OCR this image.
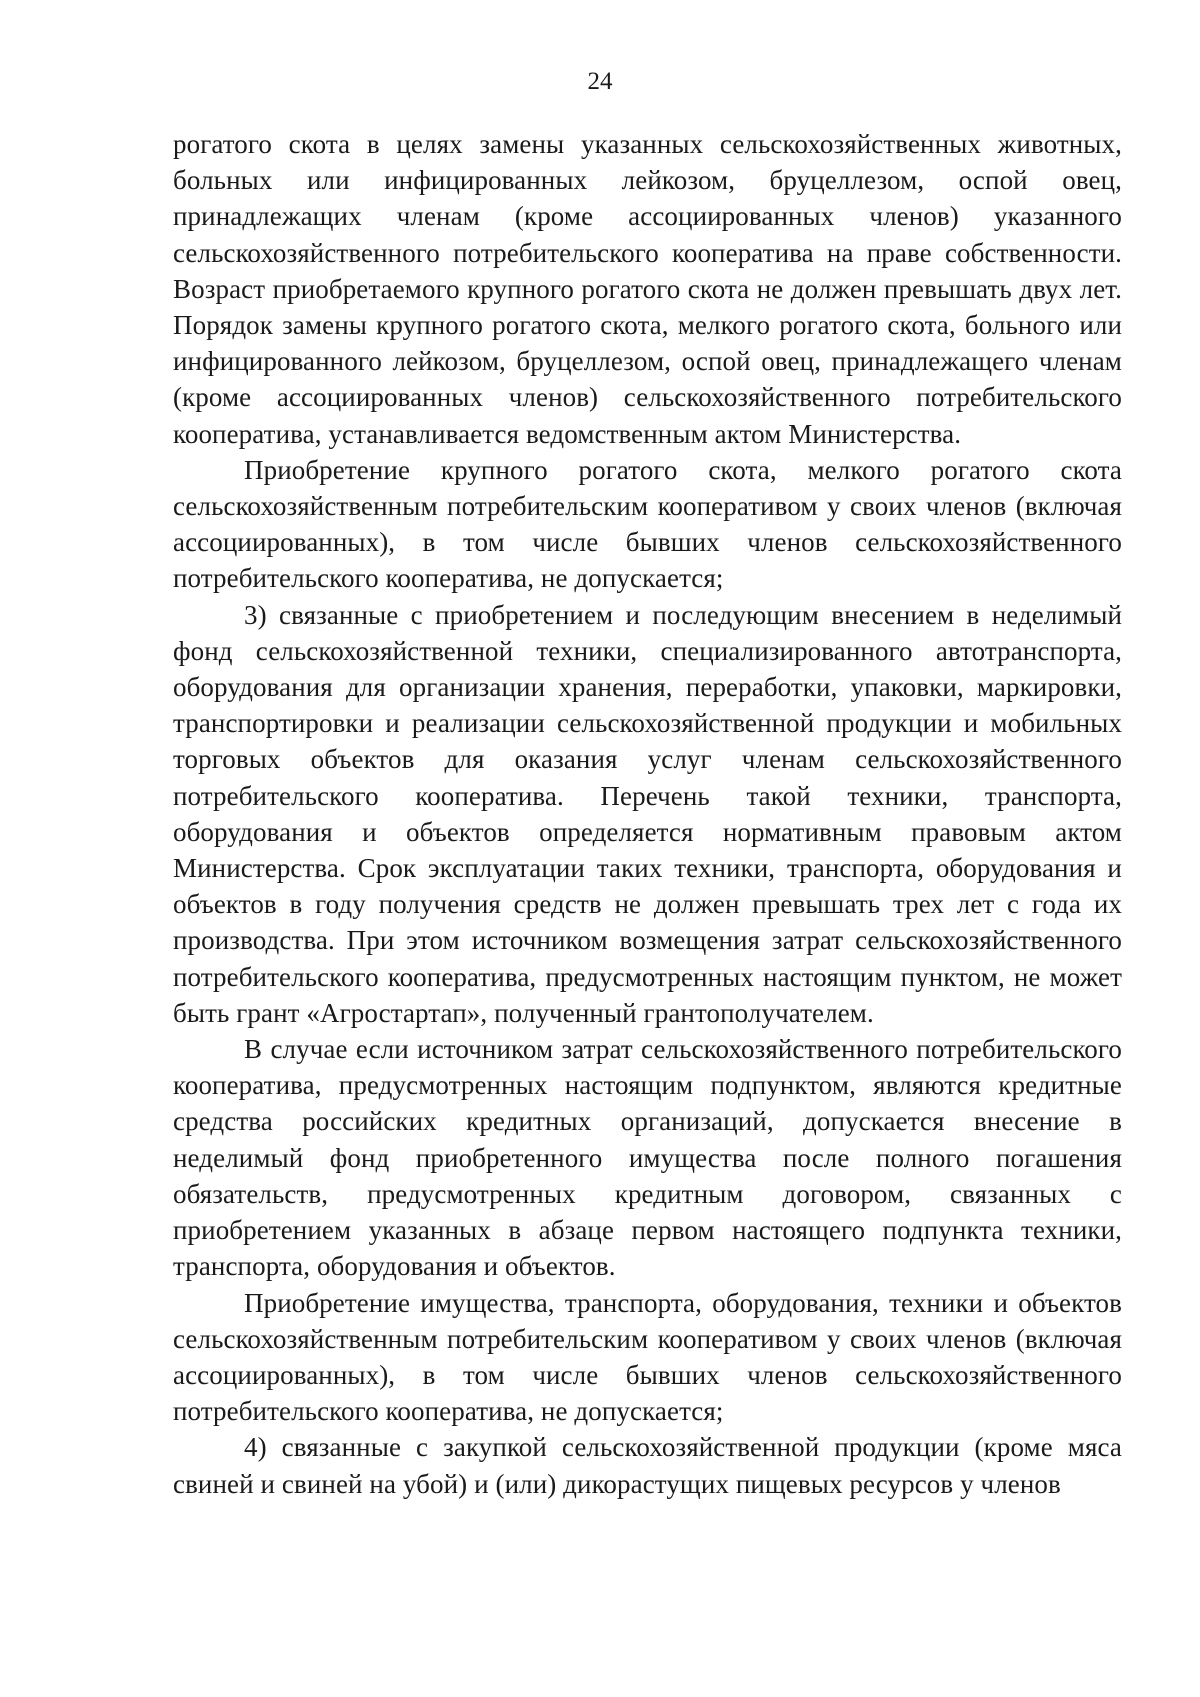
24

рогатого скота в целях замены указанных сельскохозяйственных животных, больных или инфицированных лейкозом, бруцеллезом, оспой овец, принадлежащих членам (кроме ассоциированных членов) указанного сельскохозяйственного потребительского кооператива на праве собственности. Возраст приобретаемого крупного рогатого скота не должен превышать двух лет. Порядок замены крупного рогатого скота, мелкого рогатого скота, больного или инфицированного лейкозом, бруцеллезом, оспой овец, принадлежащего членам (кроме ассоциированных членов) сельскохозяйственного потребительского кооператива, устанавливается ведомственным актом Министерства.

Приобретение крупного рогатого скота, мелкого рогатого скота сельскохозяйственным потребительским кооперативом у своих членов (включая ассоциированных), в том числе бывших членов сельскохозяйственного потребительского кооператива, не допускается;

3) связанные с приобретением и последующим внесением в неделимый фонд сельскохозяйственной техники, специализированного автотранспорта, оборудования для организации хранения, переработки, упаковки, маркировки, транспортировки и реализации сельскохозяйственной продукции и мобильных торговых объектов для оказания услуг членам сельскохозяйственного потребительского кооператива. Перечень такой техники, транспорта, оборудования и объектов определяется нормативным правовым актом Министерства. Срок эксплуатации таких техники, транспорта, оборудования и объектов в году получения средств не должен превышать трех лет с года их производства. При этом источником возмещения затрат сельскохозяйственного потребительского кооператива, предусмотренных настоящим пунктом, не может быть грант «Агростартап», полученный грантополучателем.

В случае если источником затрат сельскохозяйственного потребительского кооператива, предусмотренных настоящим подпунктом, являются кредитные средства российских кредитных организаций, допускается внесение в неделимый фонд приобретенного имущества после полного погашения обязательств, предусмотренных кредитным договором, связанных с приобретением указанных в абзаце первом настоящего подпункта техники, транспорта, оборудования и объектов.

Приобретение имущества, транспорта, оборудования, техники и объектов сельскохозяйственным потребительским кооперативом у своих членов (включая ассоциированных), в том числе бывших членов сельскохозяйственного потребительского кооператива, не допускается;

4) связанные с закупкой сельскохозяйственной продукции (кроме мяса свиней и свиней на убой) и (или) дикорастущих пищевых ресурсов у членов
